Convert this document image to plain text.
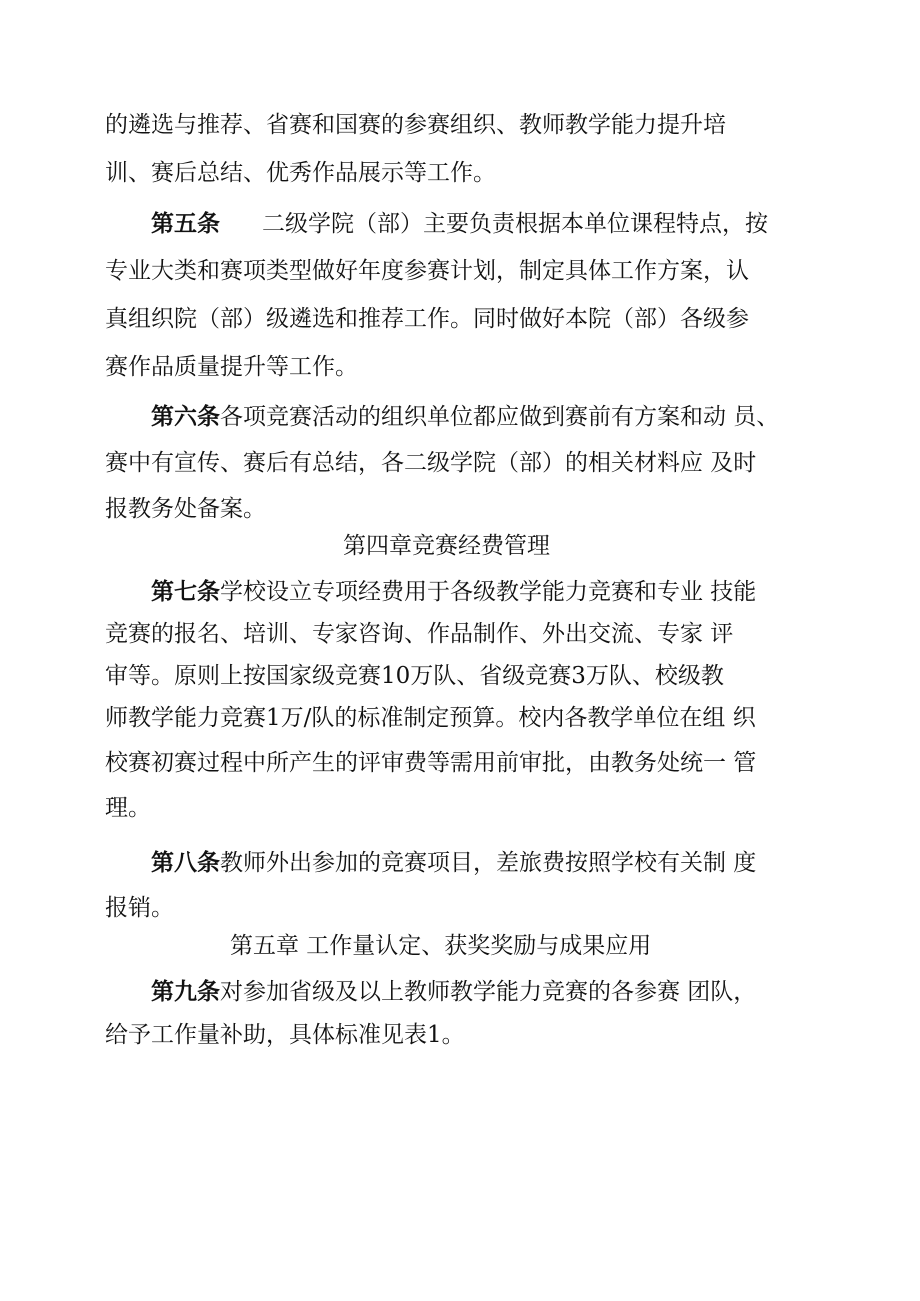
的遴选与推荐、省赛和国赛的参赛组织、教师教学能力提升培
训、赛后总结、优秀作品展示等工作。
第五条 二级学院（部）主要负责根据本单位课程特点，按
专业大类和赛项类型做好年度参赛计划，制定具体工作方案，认
真组织院（部）级遴选和推荐工作。同时做好本院（部）各级参
赛作品质量提升等工作。
第六条各项竞赛活动的组织单位都应做到赛前有方案和动 员、
赛中有宣传、赛后有总结，各二级学院（部）的相关材料应 及时
报教务处备案。
第四章竞赛经费管理
第七条学校设立专项经费用于各级教学能力竞赛和专业 技能
竞赛的报名、培训、专家咨询、作品制作、外出交流、专家 评
审等。原则上按国家级竞赛10万队、省级竞赛3万队、校级教
师教学能力竞赛1万/队的标准制定预算。校内各教学单位在组 织
校赛初赛过程中所产生的评审费等需用前审批，由教务处统一 管
理。
第八条教师外出参加的竞赛项目，差旅费按照学校有关制 度
报销。
第五章 工作量认定、获奖奖励与成果应用
第九条对参加省级及以上教师教学能力竞赛的各参赛 团队，
给予工作量补助，具体标准见表1。
